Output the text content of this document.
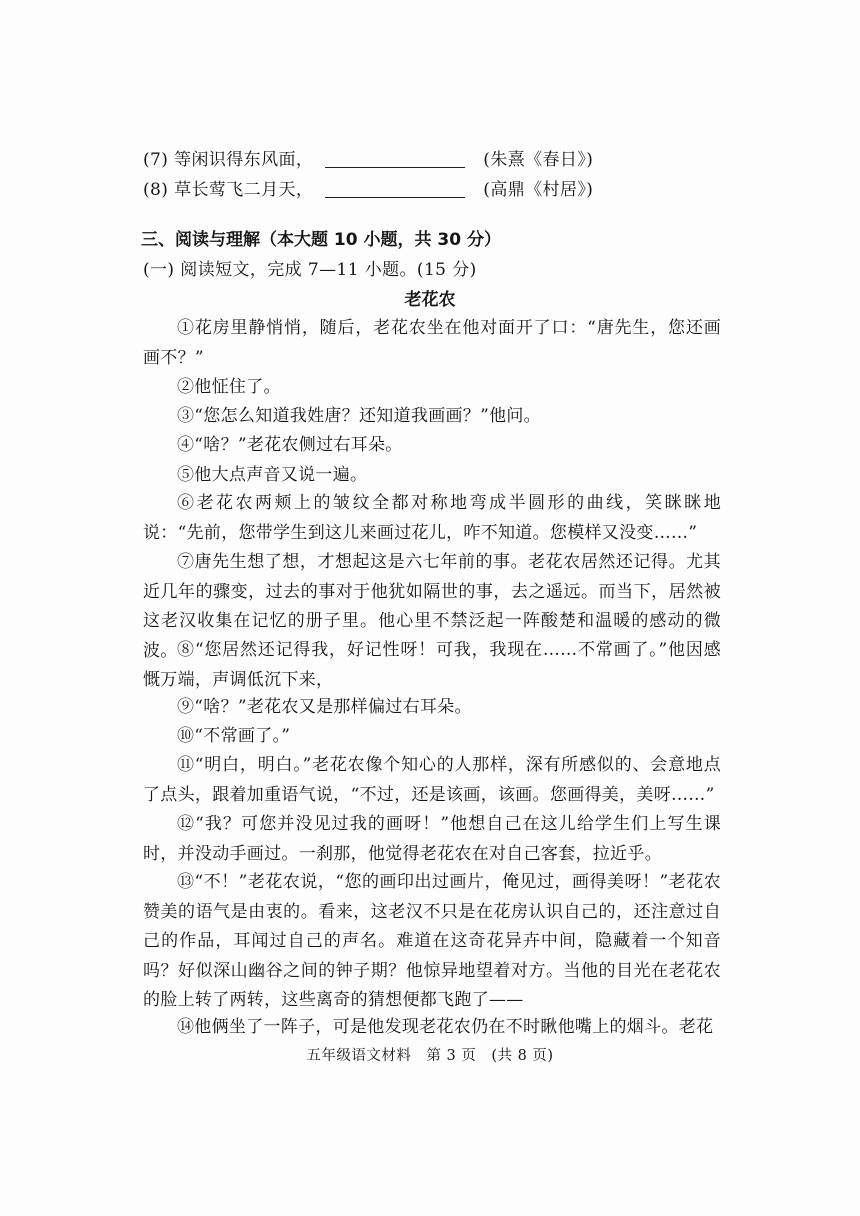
(7) 等闲识得东风面，	(朱熹《春日》)
(8) 草长莺飞二月天，	(高鼎《村居》)
三、阅读与理解（本大题 10 小题，共 30 分）
(一) 阅读短文，完成 7—11 小题。(15 分)
老花农
①花房里静悄悄，随后，老花农坐在他对面开了口：“唐先生，您还画画不？”
②他怔住了。
③“您怎么知道我姓唐？还知道我画画？”他问。
④“啥？”老花农侧过右耳朵。
⑤他大点声音又说一遍。
⑥老花农两颊上的皱纹全都对称地弯成半圆形的曲线，笑眯眯地说：“先前，您带学生到这儿来画过花儿，咋不知道。您模样又没变……”
⑦唐先生想了想，才想起这是六七年前的事。老花农居然还记得。尤其近几年的骤变，过去的事对于他犹如隔世的事，去之遥远。而当下，居然被这老汉收集在记忆的册子里。他心里不禁泛起一阵酸楚和温暖的感动的微波。 ⑧“您居然还记得我，好记性呀！可我，我现在……不常画了。”他因感慨万端，声调低沉下来，
⑨“啥？”老花农又是那样偏过右耳朵。
⑩“不常画了。”
⑪“明白，明白。”老花农像个知心的人那样，深有所感似的、会意地点了点头，跟着加重语气说，“不过，还是该画，该画。您画得美，美呀……”
⑫“我？可您并没见过我的画呀！”他想自己在这儿给学生们上写生课时，并没动手画过。一刹那，他觉得老花农在对自己客套，拉近乎。
⑬“不！”老花农说，“您的画印出过画片，俺见过，画得美呀！”老花农赞美的语气是由衷的。看来，这老汉不只是在花房认识自己的，还注意过自己的作品，耳闻过自己的声名。难道在这奇花异卉中间，隐藏着一个知音吗？好似深山幽谷之间的钟子期？他惊异地望着对方。当他的目光在老花农的脸上转了两转，这些离奇的猜想便都飞跑了——
⑭他俩坐了一阵子，可是他发现老花农仍在不时瞅他嘴上的烟斗。老花
五年级语文材料　第 3 页　(共 8 页)
